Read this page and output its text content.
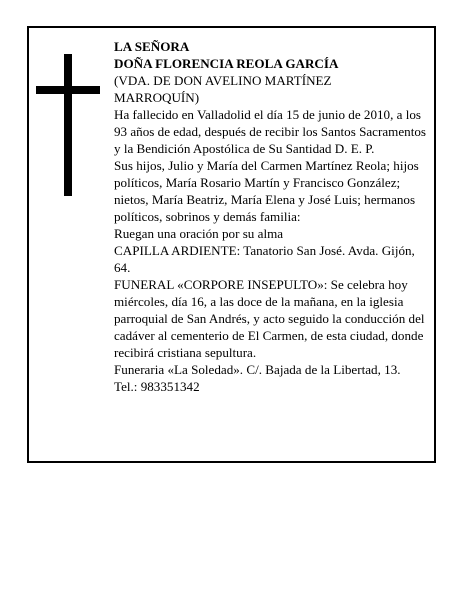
LA SEÑORA

DOÑA FLORENCIA REOLA GARCÍA

(VDA. DE DON AVELINO MARTÍNEZ

MARROQUÍN)

Ha fallecido en Valladolid el día 15 de junio de 2010, a los 93 años de edad, después de recibir los Santos Sacramentos y la Bendición Apostólica de Su Santidad D. E. P.

Sus hijos, Julio y María del Carmen Martínez Reola; hijos políticos, María Rosario Martín y Francisco González; nietos, María Beatriz, María Elena y José Luis; hermanos políticos, sobrinos y demás familia:

Ruegan una oración por su alma

CAPILLA ARDIENTE: Tanatorio San José. Avda. Gijón, 64.

FUNERAL «CORPORE INSEPULTO»: Se celebra hoy miércoles, día 16, a las doce de la mañana, en la iglesia parroquial de San Andrés, y acto seguido la conducción del cadáver al cementerio de El Carmen, de esta ciudad, donde recibirá cristiana sepultura.

Funeraria «La Soledad». C/. Bajada de la Libertad, 13. Tel.: 983351342
